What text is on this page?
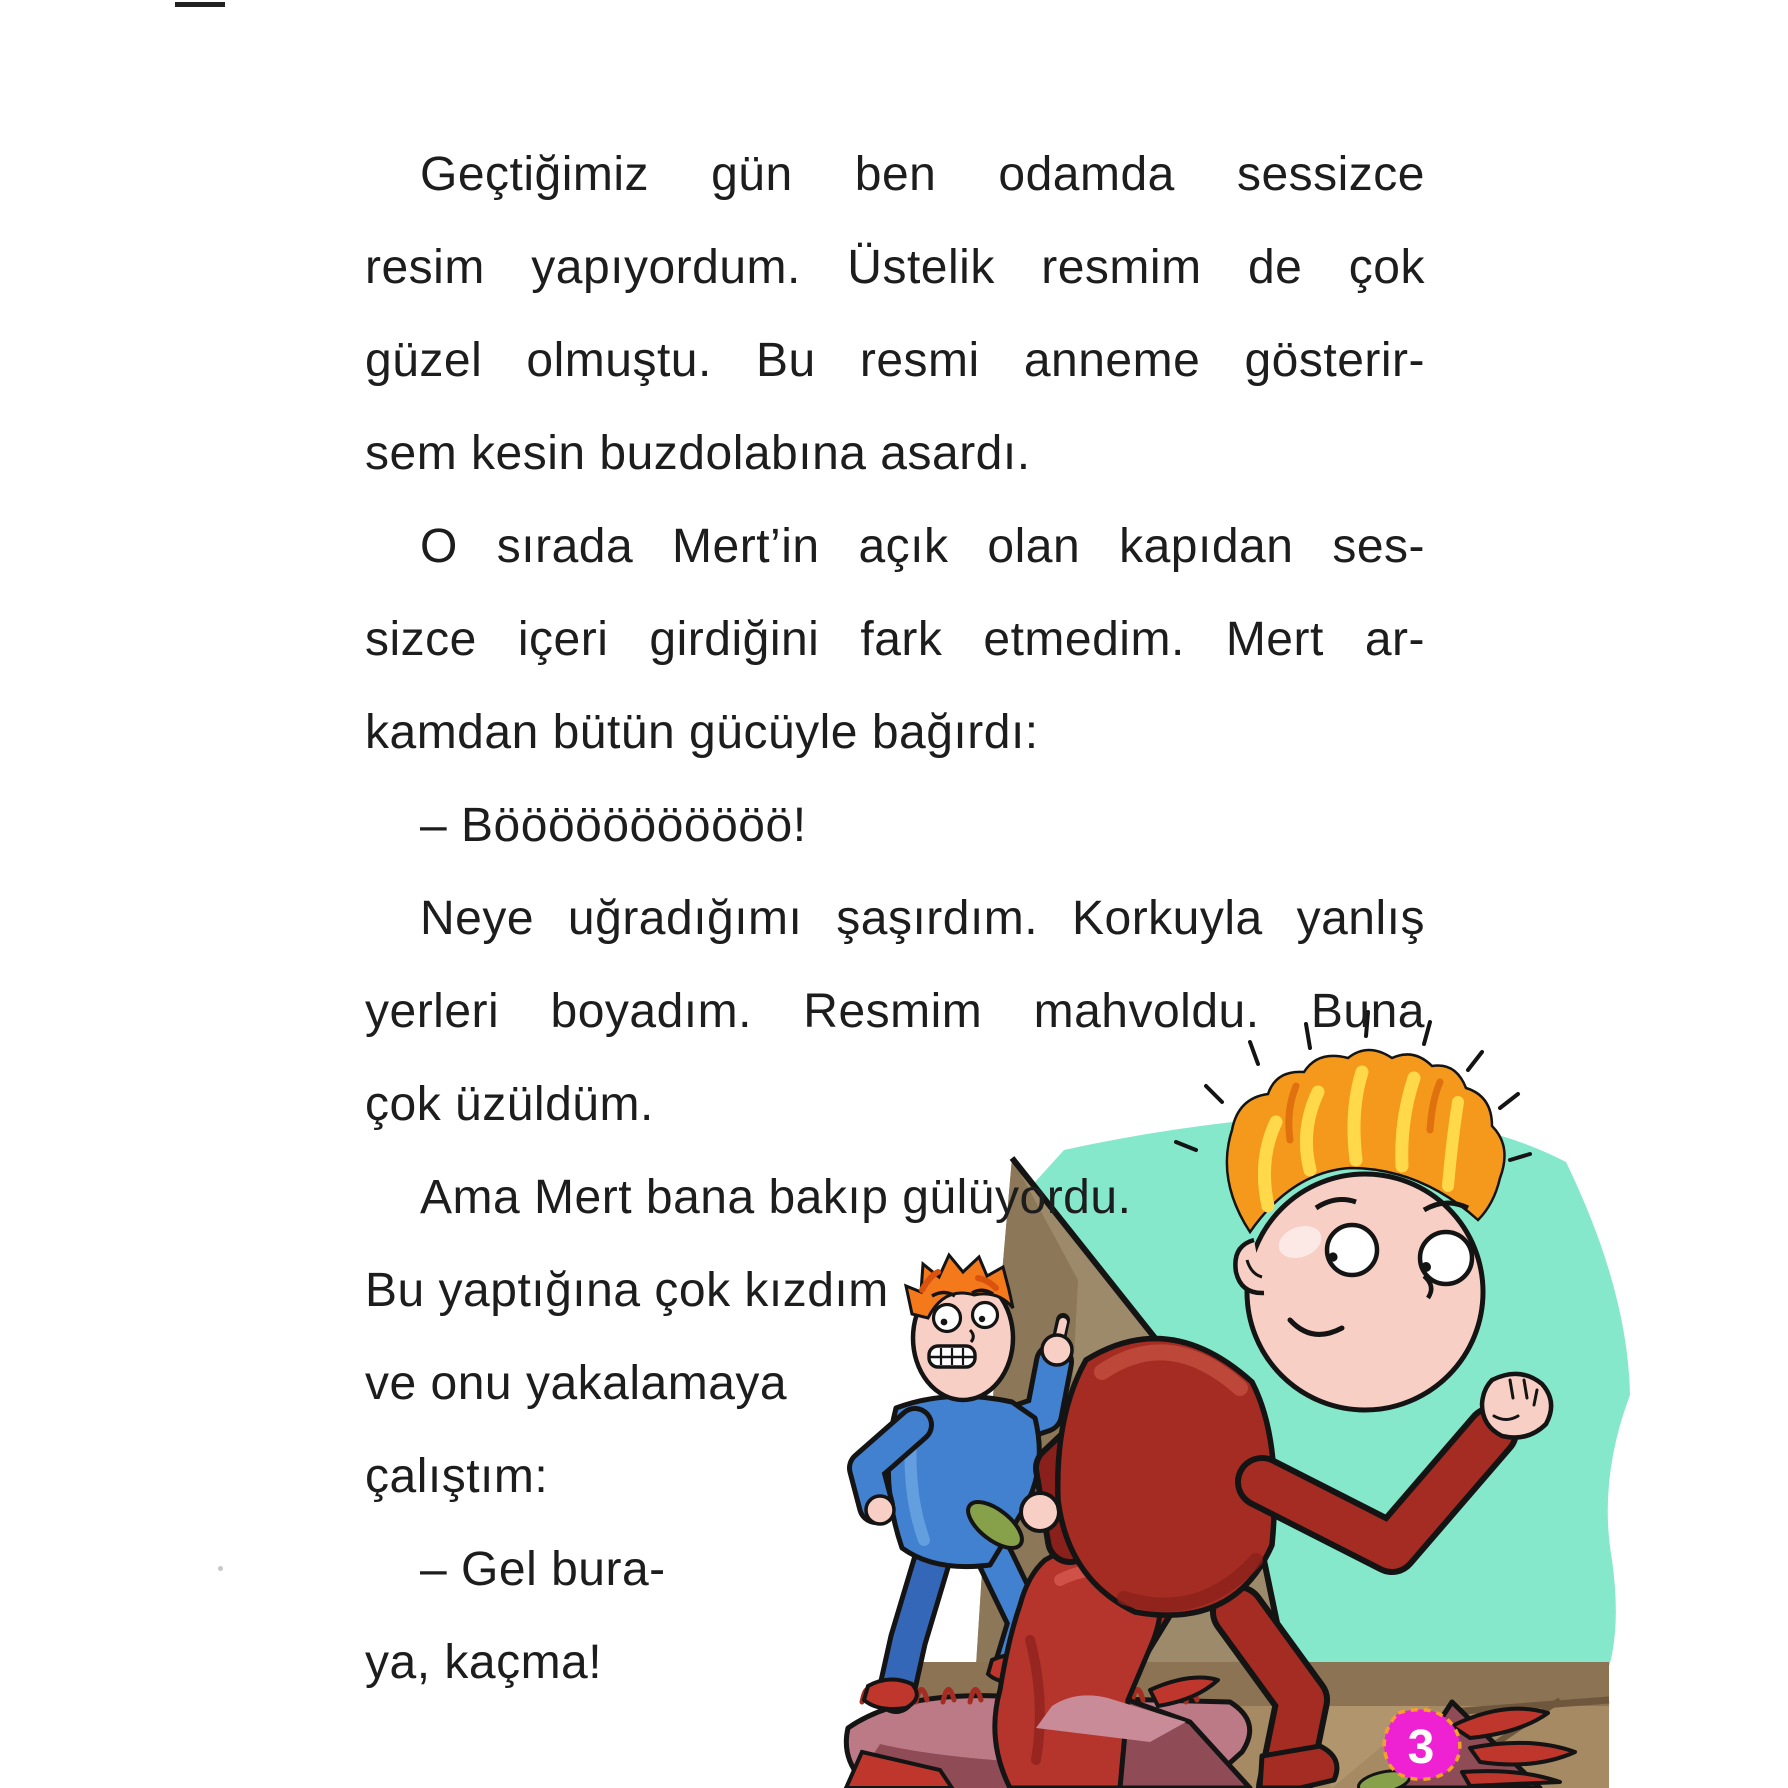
Geçtiğimiz gün ben odamda sessizce
resim yapıyordum. Üstelik resmim de çok
güzel olmuştu. Bu resmi anneme gösterir-
sem kesin buzdolabına asardı.
O sırada Mert’in açık olan kapıdan ses-
sizce içeri girdiğini fark etmedim. Mert ar-
kamdan bütün gücüyle bağırdı:
– Bööööööööööö!
Neye uğradığımı şaşırdım. Korkuyla yanlış
yerleri boyadım. Resmim mahvoldu. Buna
çok üzüldüm.
Ama Mert bana bakıp gülüyordu.
Bu yaptığına çok kızdım
ve onu yakalamaya
çalıştım:
– Gel bura-
ya, kaçma!
3
